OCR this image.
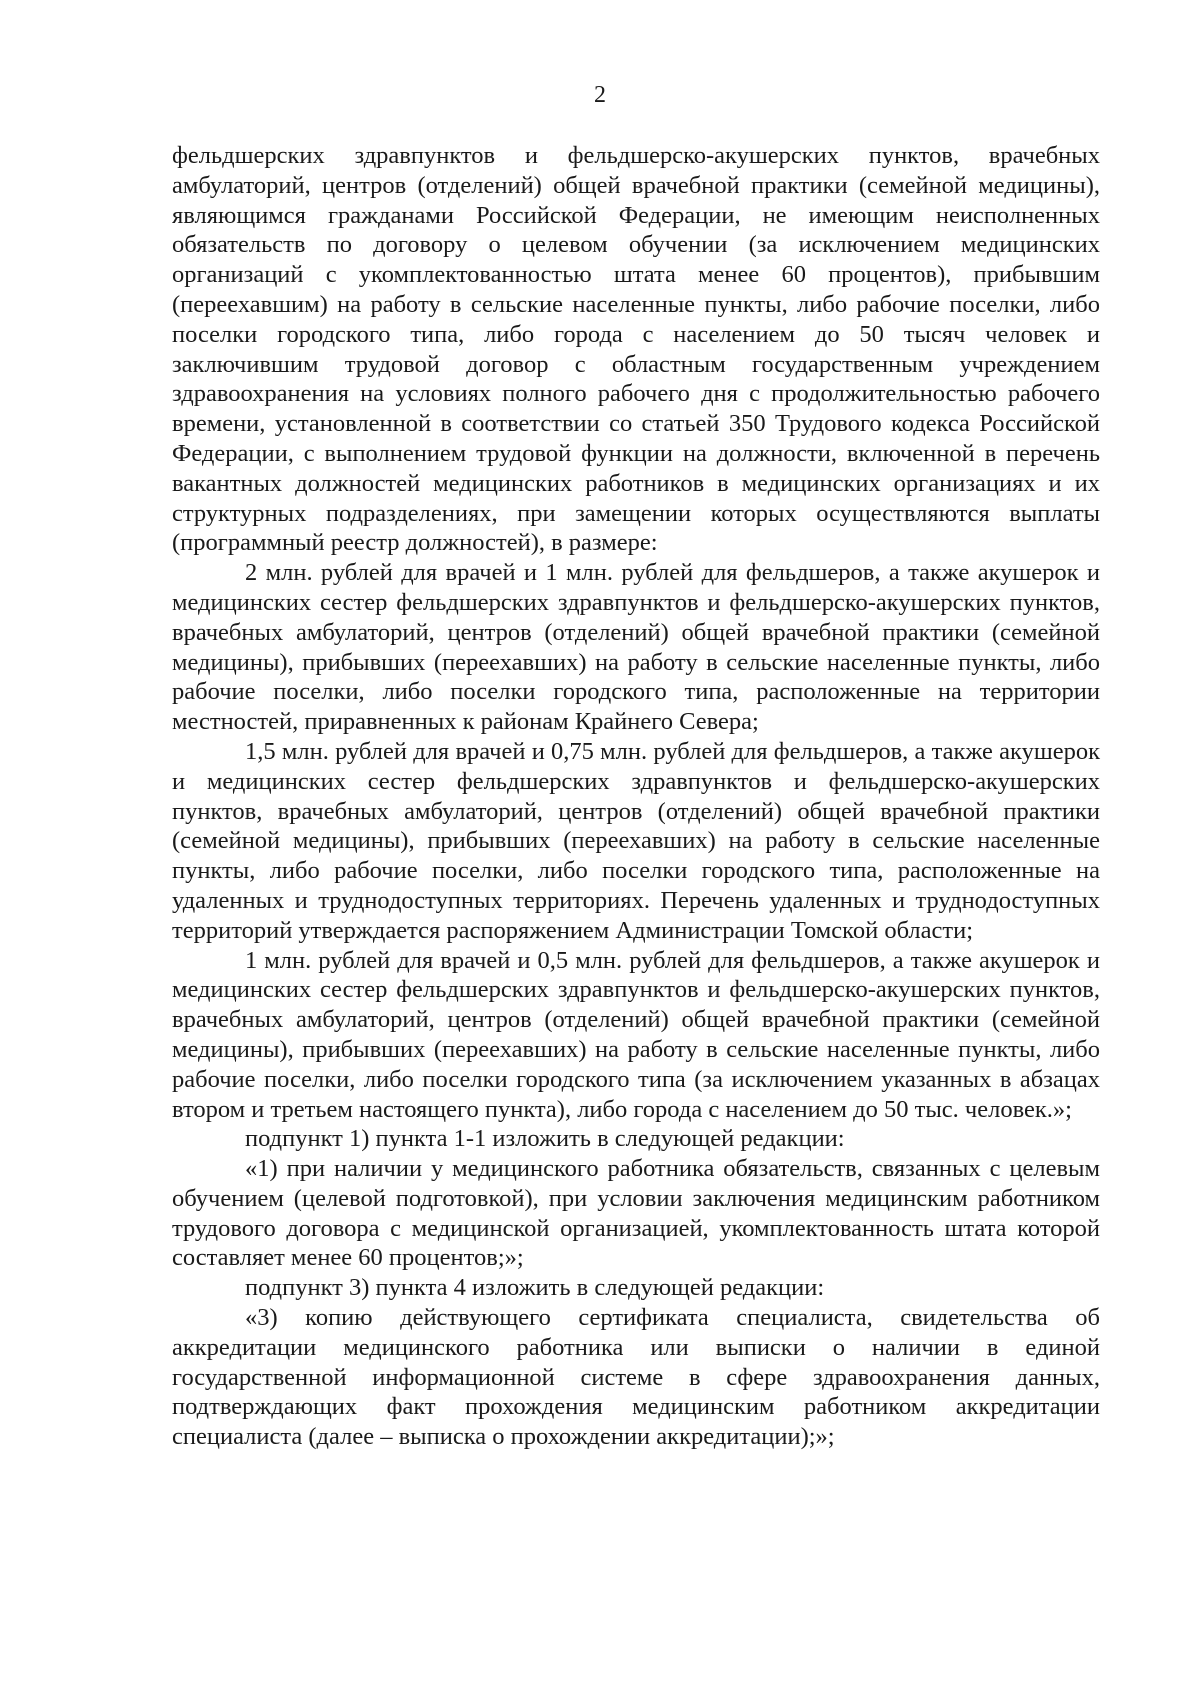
2

фельдшерских здравпунктов и фельдшерско-акушерских пунктов, врачебных амбулаторий, центров (отделений) общей врачебной практики (семейной медицины), являющимся гражданами Российской Федерации, не имеющим неисполненных обязательств по договору о целевом обучении (за исключением медицинских организаций с укомплектованностью штата менее 60 процентов), прибывшим (переехавшим) на работу в сельские населенные пункты, либо рабочие поселки, либо поселки городского типа, либо города с населением до 50 тысяч человек и заключившим трудовой договор с областным государственным учреждением здравоохранения на условиях полного рабочего дня с продолжительностью рабочего времени, установленной в соответствии со статьей 350 Трудового кодекса Российской Федерации, с выполнением трудовой функции на должности, включенной в перечень вакантных должностей медицинских работников в медицинских организациях и их структурных подразделениях, при замещении которых осуществляются выплаты (программный реестр должностей), в размере:

2 млн. рублей для врачей и 1 млн. рублей для фельдшеров, а также акушерок и медицинских сестер фельдшерских здравпунктов и фельдшерско-акушерских пунктов, врачебных амбулаторий, центров (отделений) общей врачебной практики (семейной медицины), прибывших (переехавших) на работу в сельские населенные пункты, либо рабочие поселки, либо поселки городского типа, расположенные на территории местностей, приравненных к районам Крайнего Севера;

1,5 млн. рублей для врачей и 0,75 млн. рублей для фельдшеров, а также акушерок и медицинских сестер фельдшерских здравпунктов и фельдшерско-акушерских пунктов, врачебных амбулаторий, центров (отделений) общей врачебной практики (семейной медицины), прибывших (переехавших) на работу в сельские населенные пункты, либо рабочие поселки, либо поселки городского типа, расположенные на удаленных и труднодоступных территориях. Перечень удаленных и труднодоступных территорий утверждается распоряжением Администрации Томской области;

1 млн. рублей для врачей и 0,5 млн. рублей для фельдшеров, а также акушерок и медицинских сестер фельдшерских здравпунктов и фельдшерско-акушерских пунктов, врачебных амбулаторий, центров (отделений) общей врачебной практики (семейной медицины), прибывших (переехавших) на работу в сельские населенные пункты, либо рабочие поселки, либо поселки городского типа (за исключением указанных в абзацах втором и третьем настоящего пункта), либо города с населением до 50 тыс. человек.»;

подпункт 1) пункта 1-1 изложить в следующей редакции:

«1) при наличии у медицинского работника обязательств, связанных с целевым обучением (целевой подготовкой), при условии заключения медицинским работником трудового договора с медицинской организацией, укомплектованность штата которой составляет менее 60 процентов;»;

подпункт 3) пункта 4 изложить в следующей редакции:

«3) копию действующего сертификата специалиста, свидетельства об аккредитации медицинского работника или выписки о наличии в единой государственной информационной системе в сфере здравоохранения данных, подтверждающих факт прохождения медицинским работником аккредитации специалиста (далее – выписка о прохождении аккредитации);»;
